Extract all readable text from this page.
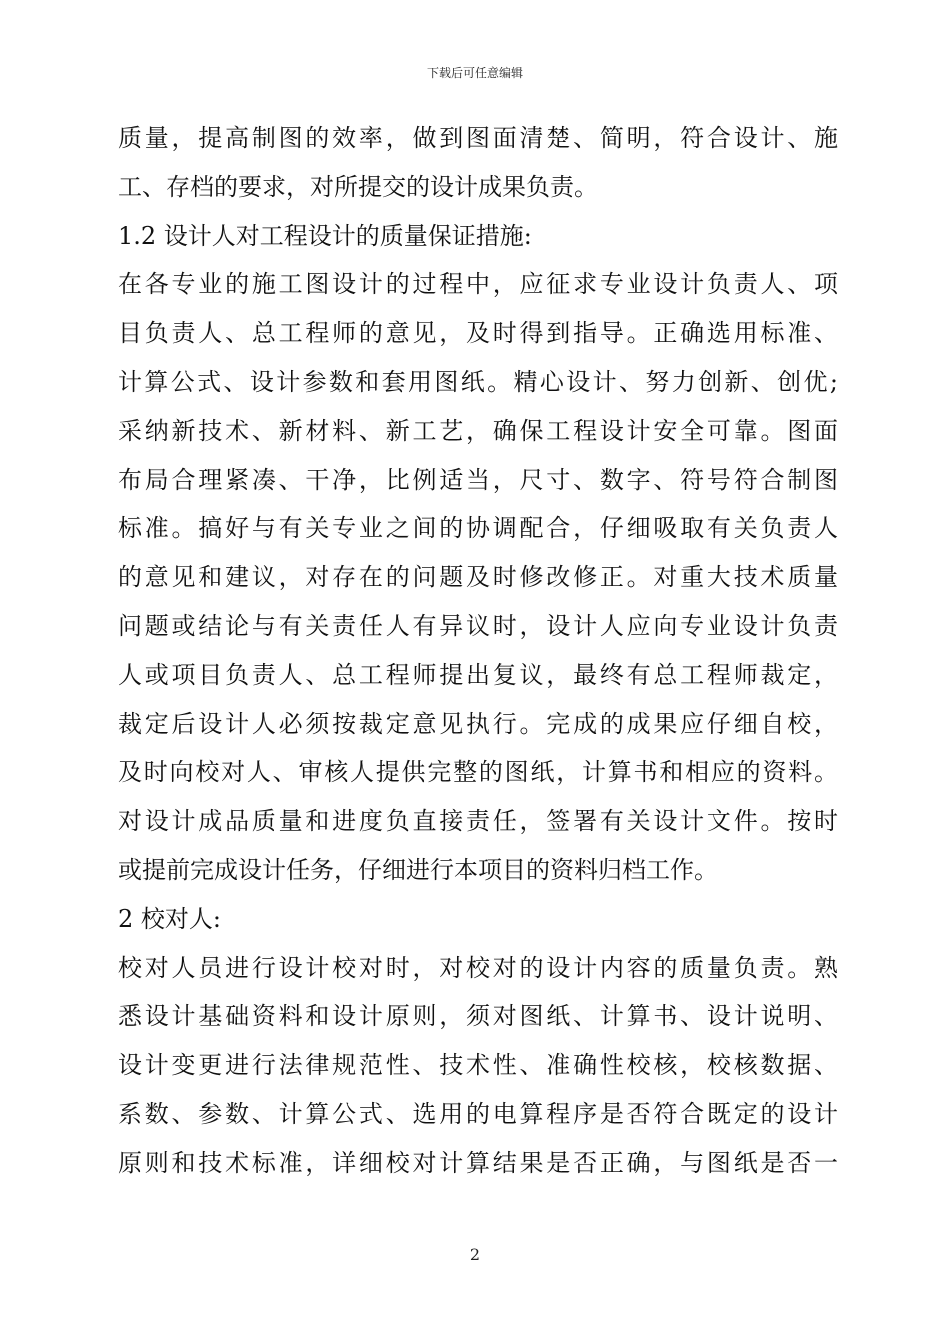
下载后可任意编辑
质量，提高制图的效率，做到图面清楚、简明，符合设计、施
工、存档的要求，对所提交的设计成果负责。
1.2 设计人对工程设计的质量保证措施:
在各专业的施工图设计的过程中，应征求专业设计负责人、项
目负责人、总工程师的意见，及时得到指导。正确选用标准、
计算公式、设计参数和套用图纸。精心设计、努力创新、创优;
采纳新技术、新材料、新工艺，确保工程设计安全可靠。图面
布局合理紧凑、干净，比例适当，尺寸、数字、符号符合制图
标准。搞好与有关专业之间的协调配合，仔细吸取有关负责人
的意见和建议，对存在的问题及时修改修正。对重大技术质量
问题或结论与有关责任人有异议时，设计人应向专业设计负责
人或项目负责人、总工程师提出复议，最终有总工程师裁定，
裁定后设计人必须按裁定意见执行。完成的成果应仔细自校，
及时向校对人、审核人提供完整的图纸，计算书和相应的资料。
对设计成品质量和进度负直接责任，签署有关设计文件。按时
或提前完成设计任务，仔细进行本项目的资料归档工作。
2 校对人:
校对人员进行设计校对时，对校对的设计内容的质量负责。熟
悉设计基础资料和设计原则，须对图纸、计算书、设计说明、
设计变更进行法律规范性、技术性、准确性校核，校核数据、
系数、参数、计算公式、选用的电算程序是否符合既定的设计
原则和技术标准，详细校对计算结果是否正确，与图纸是否一
2
